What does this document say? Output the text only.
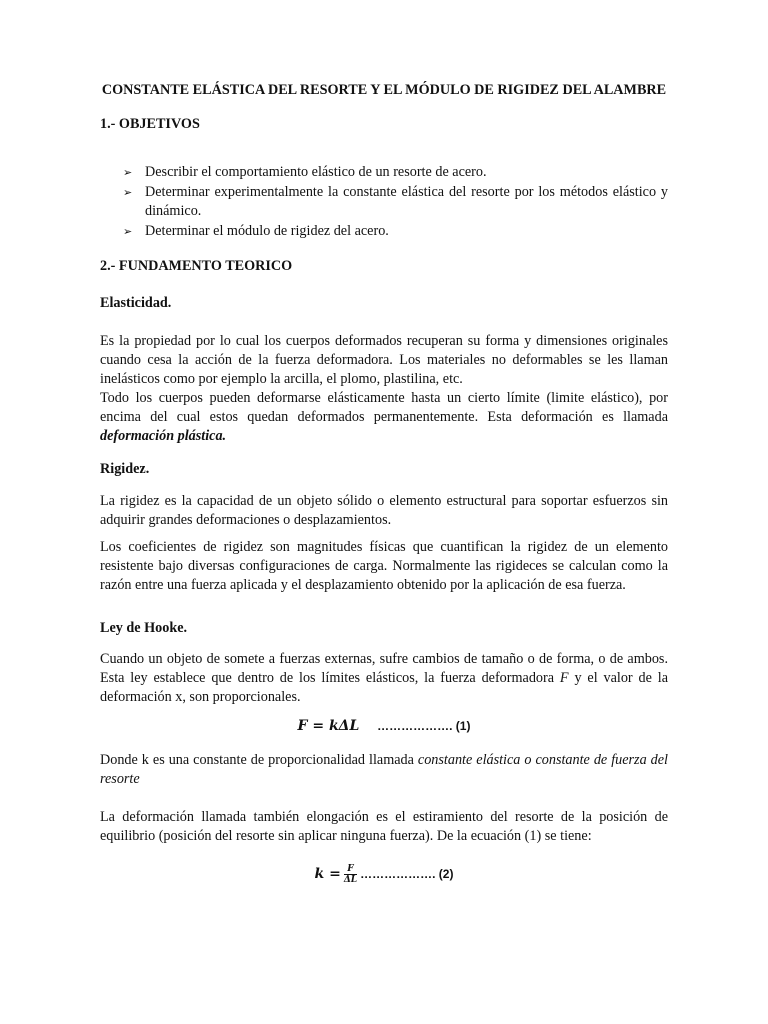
CONSTANTE ELÁSTICA DEL RESORTE Y EL MÓDULO DE RIGIDEZ DEL ALAMBRE
1.- OBJETIVOS
➢ Describir el comportamiento elástico de un resorte de acero.
➢ Determinar experimentalmente la constante elástica del resorte por los métodos elástico y dinámico.
➢ Determinar el módulo de rigidez del acero.
2.- FUNDAMENTO TEORICO
Elasticidad.

Es la propiedad por lo cual los cuerpos deformados recuperan su forma y dimensiones originales cuando cesa la acción de la fuerza deformadora. Los materiales no deformables se les llaman inelásticos como por ejemplo la arcilla, el plomo, plastilina, etc.

Todo los cuerpos pueden deformarse elásticamente hasta un cierto límite (limite elástico), por encima del cual estos quedan deformados permanentemente. Esta deformación es llamada deformación plástica.

Rigidez.

La rigidez es la capacidad de un objeto sólido o elemento estructural para soportar esfuerzos sin adquirir grandes deformaciones o desplazamientos.

Los coeficientes de rigidez son magnitudes físicas que cuantifican la rigidez de un elemento resistente bajo diversas configuraciones de carga. Normalmente las rigideces se calculan como la razón entre una fuerza aplicada y el desplazamiento obtenido por la aplicación de esa fuerza.

Ley de Hooke.

Cuando un objeto de somete a fuerzas externas, sufre cambios de tamaño o de forma, o de ambos. Esta ley establece que dentro de los límites elásticos, la fuerza deformadora F y el valor de la deformación x, son proporcionales.

F = kΔL ………………. (1)

Donde k es una constante de proporcionalidad llamada constante elástica o constante de fuerza del resorte

La deformación llamada también elongación es el estiramiento del resorte de la posición de equilibrio (posición del resorte sin aplicar ninguna fuerza). De la ecuación (1) se tiene:

$k = \frac{F}{\Delta L}$ ………………. (2)
